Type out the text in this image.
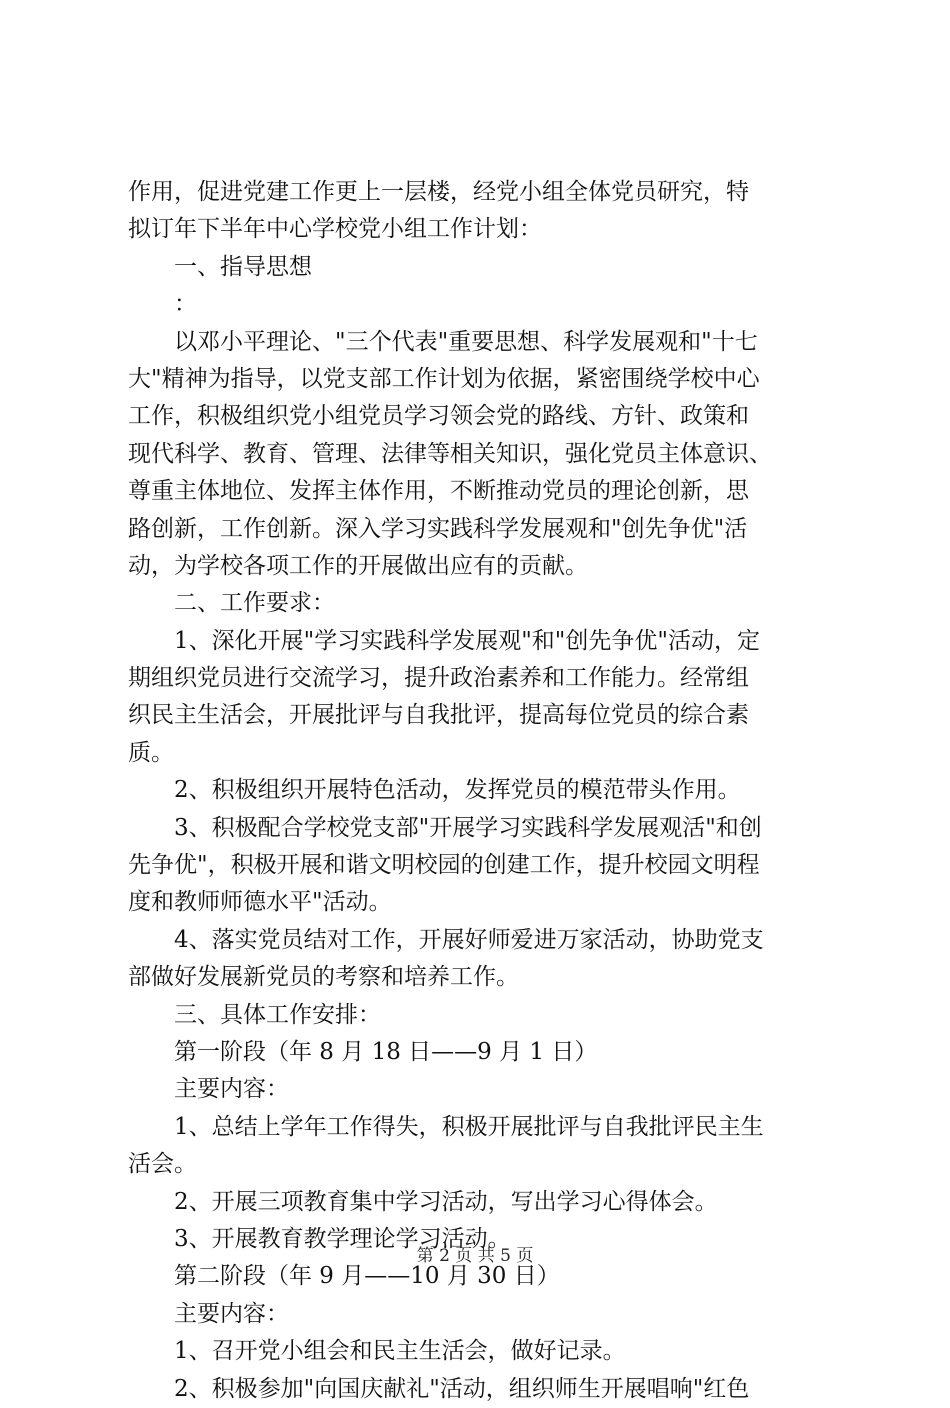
作用，促进党建工作更上一层楼，经党小组全体党员研究，特
拟订年下半年中心学校党小组工作计划：
　　一、指导思想
　　：
　　以邓小平理论、"三个代表"重要思想、科学发展观和"十七
大"精神为指导，以党支部工作计划为依据，紧密围绕学校中心
工作，积极组织党小组党员学习领会党的路线、方针、政策和
现代科学、教育、管理、法律等相关知识，强化党员主体意识、
尊重主体地位、发挥主体作用，不断推动党员的理论创新，思
路创新，工作创新。深入学习实践科学发展观和"创先争优"活
动，为学校各项工作的开展做出应有的贡献。
　　二、工作要求：
　　1、深化开展"学习实践科学发展观"和"创先争优"活动，定
期组织党员进行交流学习，提升政治素养和工作能力。经常组
织民主生活会，开展批评与自我批评，提高每位党员的综合素
质。
　　2、积极组织开展特色活动，发挥党员的模范带头作用。
　　3、积极配合学校党支部"开展学习实践科学发展观活"和创
先争优"，积极开展和谐文明校园的创建工作，提升校园文明程
度和教师师德水平"活动。
　　4、落实党员结对工作，开展好师爱进万家活动，协助党支
部做好发展新党员的考察和培养工作。
　　三、具体工作安排：
　　第一阶段（年 8 月 18 日——9 月 1 日）
　　主要内容：
　　1、总结上学年工作得失，积极开展批评与自我批评民主生
活会。
　　2、开展三项教育集中学习活动，写出学习心得体会。
　　3、开展教育教学理论学习活动。
　　第二阶段（年 9 月——10 月 30 日）
　　主要内容：
　　1、召开党小组会和民主生活会，做好记录。
　　2、积极参加"向国庆献礼"活动，组织师生开展唱响"红色
第 2 页 共 5 页
